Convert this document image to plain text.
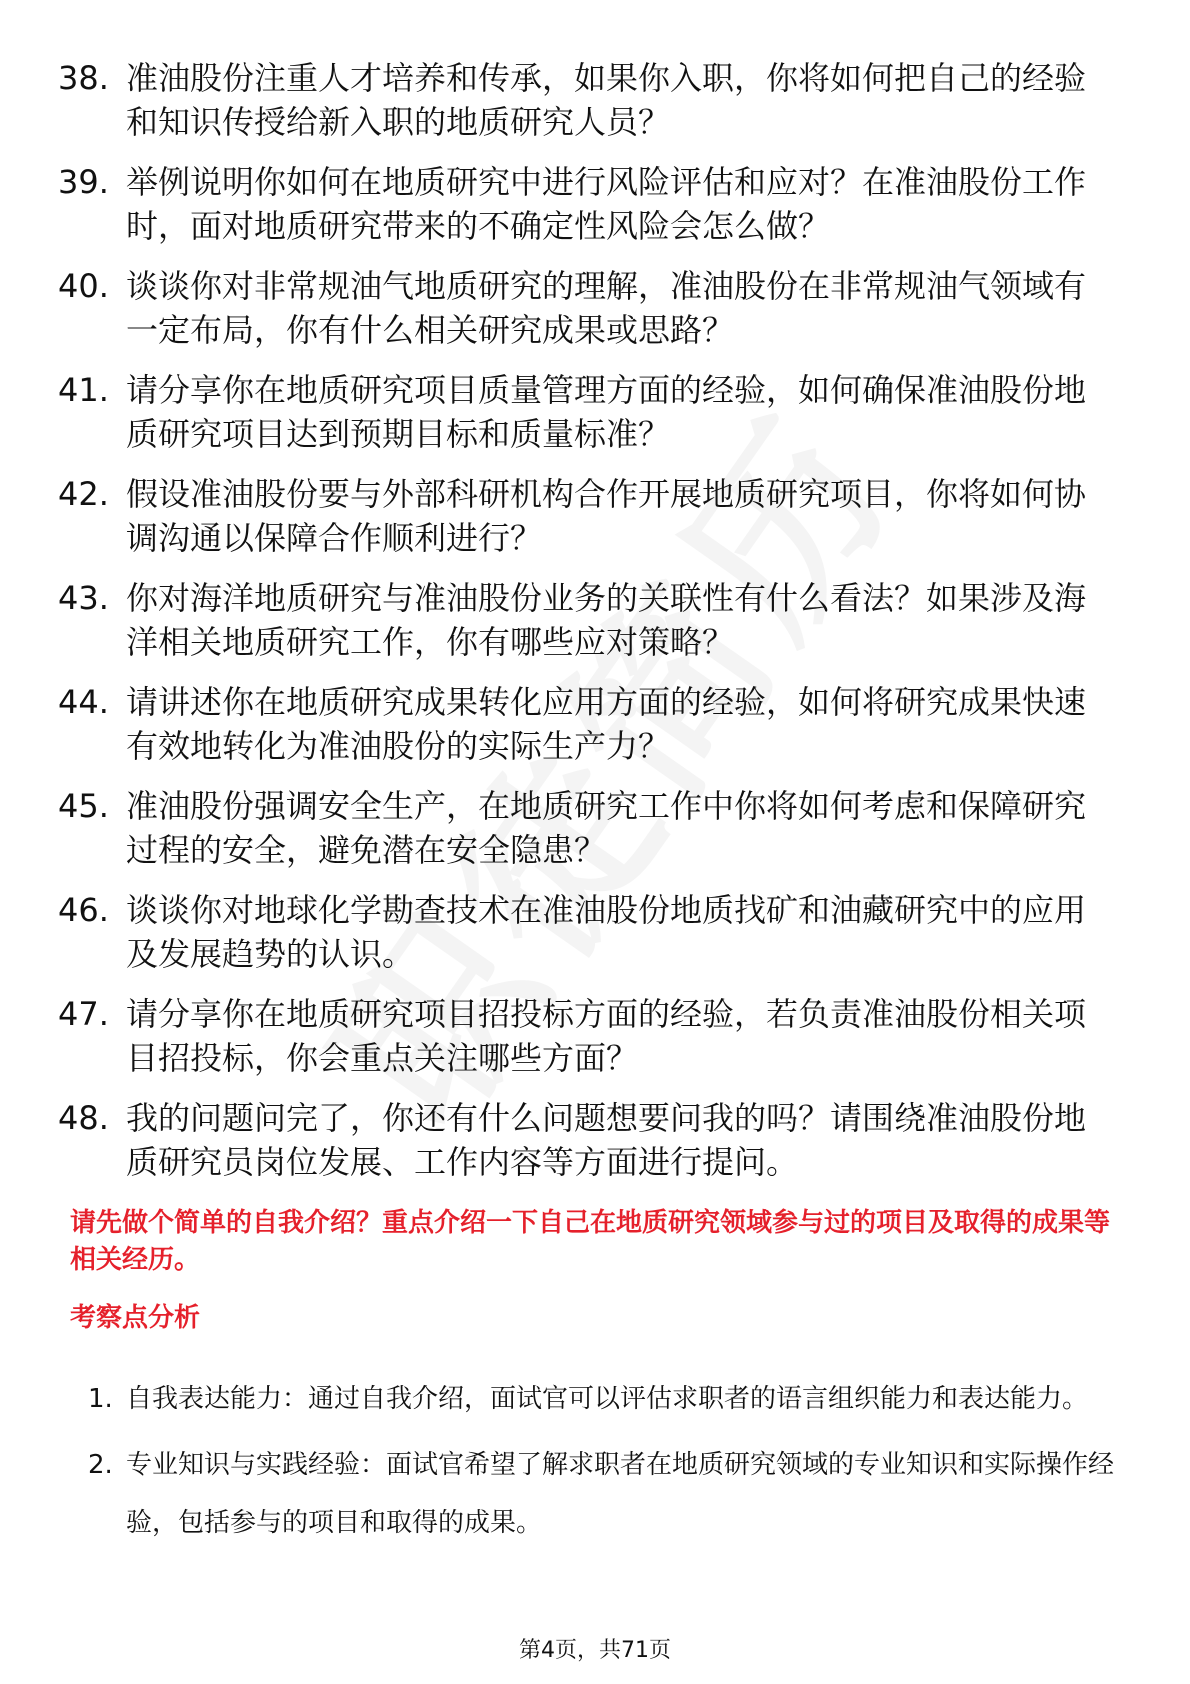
38. 准油股份注重人才培养和传承，如果你入职，你将如何把自己的经验和知识传授给新入职的地质研究人员？
39. 举例说明你如何在地质研究中进行风险评估和应对？在准油股份工作时，面对地质研究带来的不确定性风险会怎么做？
40. 谈谈你对非常规油气地质研究的理解，准油股份在非常规油气领域有一定布局，你有什么相关研究成果或思路？
41. 请分享你在地质研究项目质量管理方面的经验，如何确保准油股份地质研究项目达到预期目标和质量标准？
42. 假设准油股份要与外部科研机构合作开展地质研究项目，你将如何协调沟通以保障合作顺利进行？
43. 你对海洋地质研究与准油股份业务的关联性有什么看法？如果涉及海洋相关地质研究工作，你有哪些应对策略？
44. 请讲述你在地质研究成果转化应用方面的经验，如何将研究成果快速有效地转化为准油股份的实际生产力？
45. 准油股份强调安全生产，在地质研究工作中你将如何考虑和保障研究过程的安全，避免潜在安全隐患？
46. 谈谈你对地球化学勘查技术在准油股份地质找矿和油藏研究中的应用及发展趋势的认识。
47. 请分享你在地质研究项目招投标方面的经验，若负责准油股份相关项目招投标，你会重点关注哪些方面？
48. 我的问题问完了，你还有什么问题想要问我的吗？请围绕准油股份地质研究员岗位发展、工作内容等方面进行提问。
请先做个简单的自我介绍？重点介绍一下自己在地质研究领域参与过的项目及取得的成果等相关经历。
考察点分析
1. 自我表达能力：通过自我介绍，面试官可以评估求职者的语言组织能力和表达能力。
2. 专业知识与实践经验：面试官希望了解求职者在地质研究领域的专业知识和实际操作经验，包括参与的项目和取得的成果。
第4页，共71页
